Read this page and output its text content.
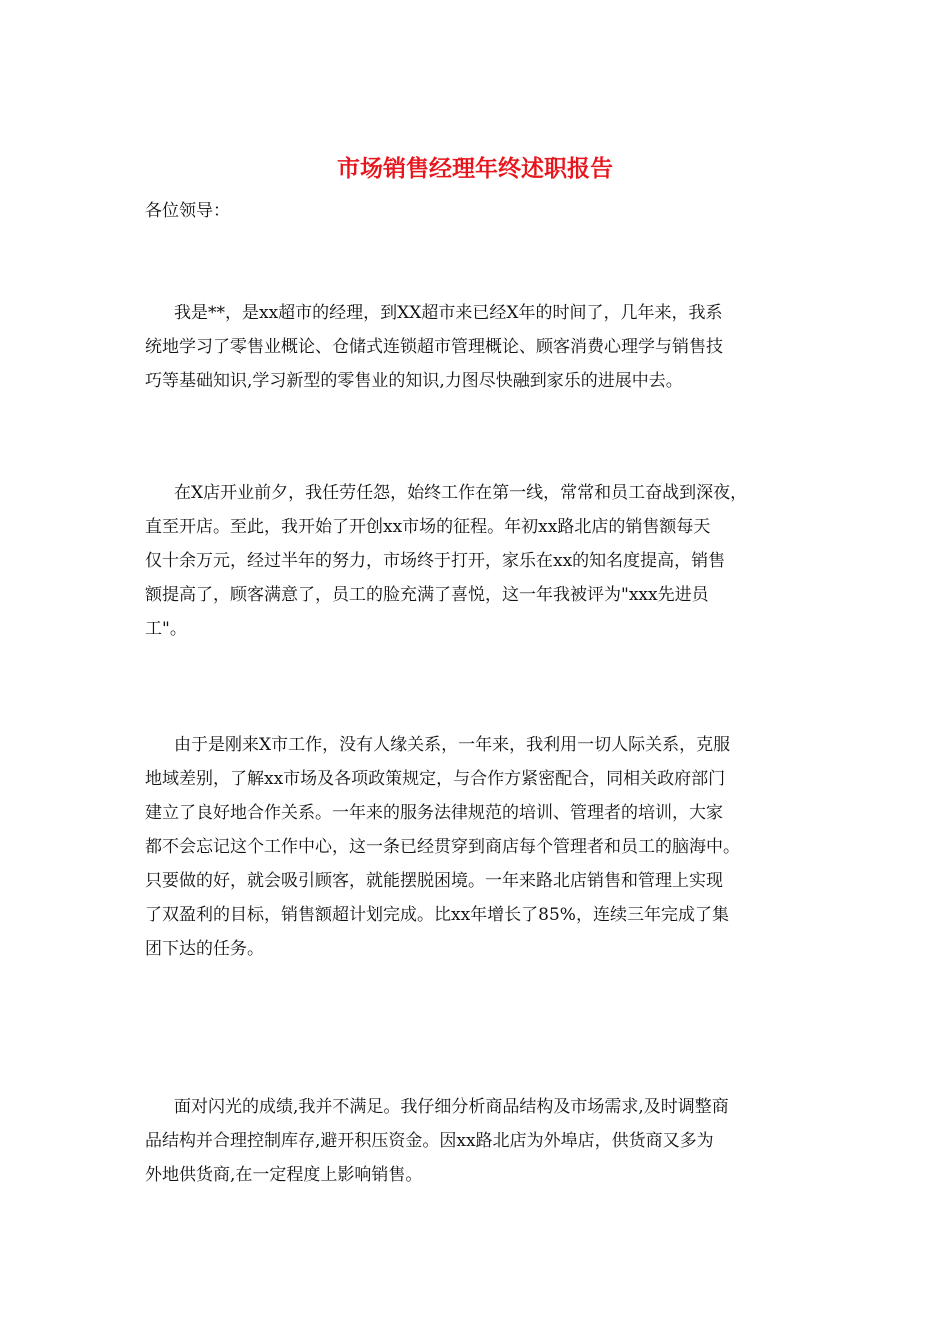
市场销售经理年终述职报告
各位领导：
我是**，是xx超市的经理，到XX超市来已经X年的时间了，几年来，我系
统地学习了零售业概论、仓储式连锁超市管理概论、顾客消费心理学与销售技
巧等基础知识,学习新型的零售业的知识,力图尽快融到家乐的进展中去。
在X店开业前夕，我任劳任怨，始终工作在第一线，常常和员工奋战到深夜，
直至开店。至此，我开始了开创xx市场的征程。年初xx路北店的销售额每天
仅十余万元，经过半年的努力，市场终于打开，家乐在xx的知名度提高，销售
额提高了，顾客满意了，员工的脸充满了喜悦，这一年我被评为"xxx先进员
工"。
由于是刚来X市工作，没有人缘关系，一年来，我利用一切人际关系，克服
地域差别，了解xx市场及各项政策规定，与合作方紧密配合，同相关政府部门
建立了良好地合作关系。一年来的服务法律规范的培训、管理者的培训，大家
都不会忘记这个工作中心，这一条已经贯穿到商店每个管理者和员工的脑海中。
只要做的好，就会吸引顾客，就能摆脱困境。一年来路北店销售和管理上实现
了双盈利的目标，销售额超计划完成。比xx年增长了85%，连续三年完成了集
团下达的任务。
面对闪光的成绩,我并不满足。我仔细分析商品结构及市场需求,及时调整商
品结构并合理控制库存,避开积压资金。因xx路北店为外埠店，供货商又多为
外地供货商,在一定程度上影响销售。
